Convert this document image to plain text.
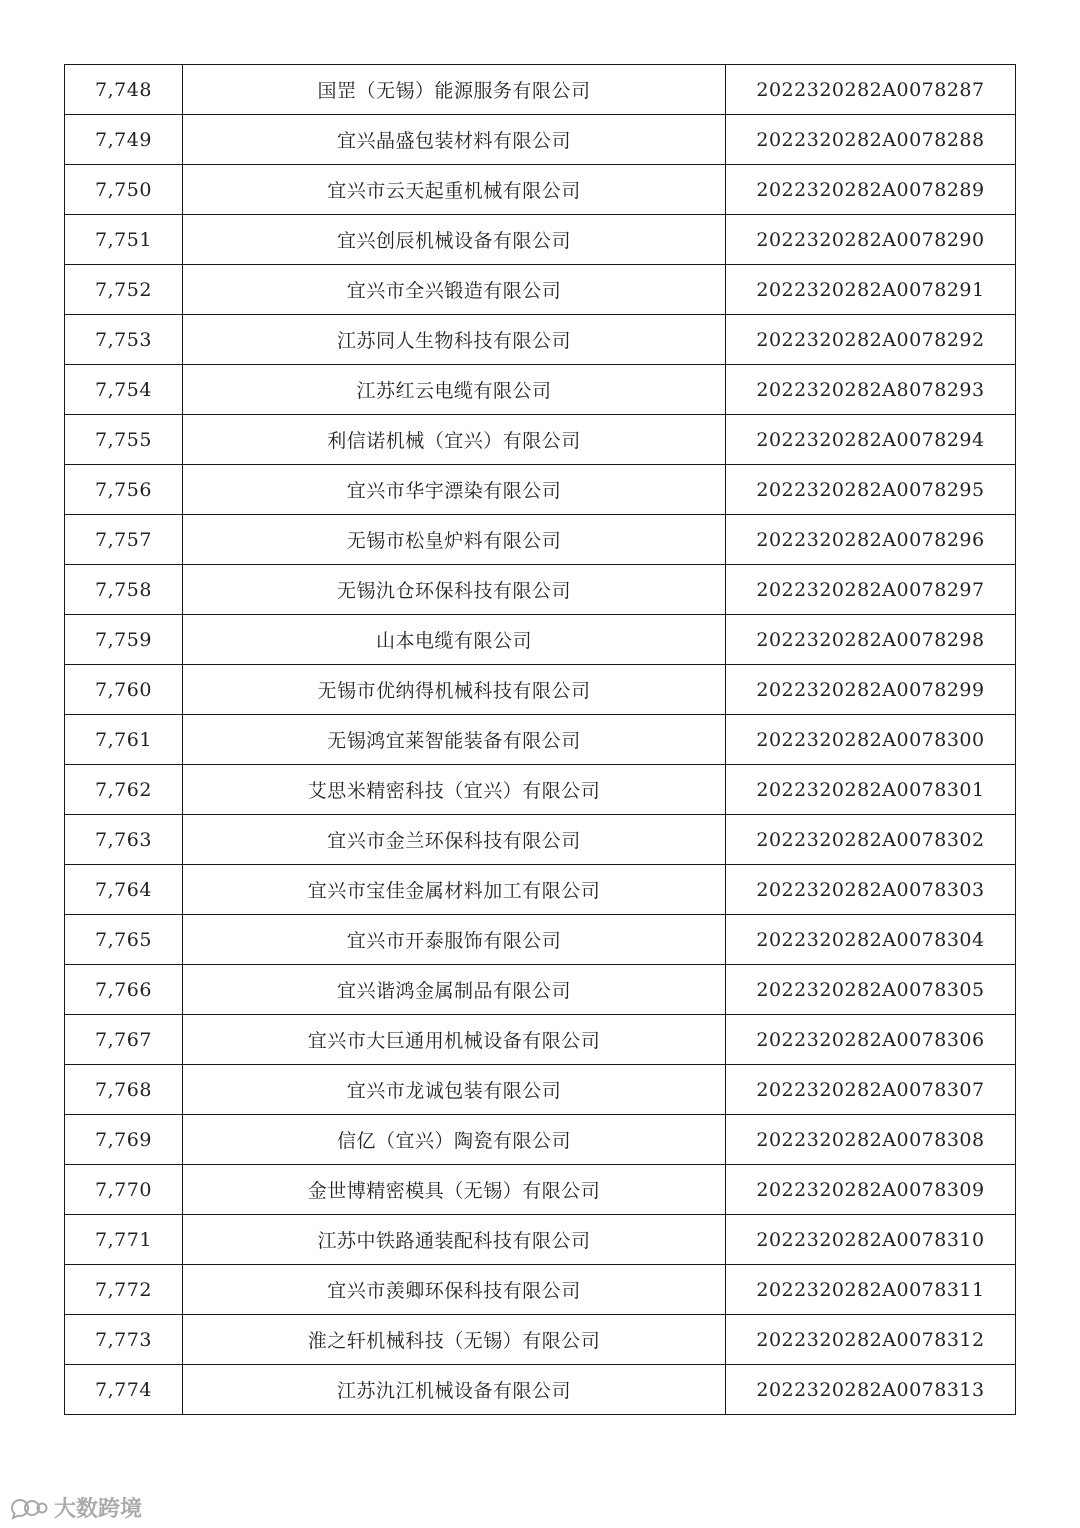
7,748	国罡（无锡）能源服务有限公司	2022320282A0078287
7,749	宜兴晶盛包装材料有限公司	2022320282A0078288
7,750	宜兴市云天起重机械有限公司	2022320282A0078289
7,751	宜兴创辰机械设备有限公司	2022320282A0078290
7,752	宜兴市全兴锻造有限公司	2022320282A0078291
7,753	江苏同人生物科技有限公司	2022320282A0078292
7,754	江苏红云电缆有限公司	2022320282A8078293
7,755	利信诺机械（宜兴）有限公司	2022320282A0078294
7,756	宜兴市华宇漂染有限公司	2022320282A0078295
7,757	无锡市松皇炉料有限公司	2022320282A0078296
7,758	无锡氿仓环保科技有限公司	2022320282A0078297
7,759	山本电缆有限公司	2022320282A0078298
7,760	无锡市优纳得机械科技有限公司	2022320282A0078299
7,761	无锡鸿宜莱智能装备有限公司	2022320282A0078300
7,762	艾思米精密科技（宜兴）有限公司	2022320282A0078301
7,763	宜兴市金兰环保科技有限公司	2022320282A0078302
7,764	宜兴市宝佳金属材料加工有限公司	2022320282A0078303
7,765	宜兴市开泰服饰有限公司	2022320282A0078304
7,766	宜兴谐鸿金属制品有限公司	2022320282A0078305
7,767	宜兴市大巨通用机械设备有限公司	2022320282A0078306
7,768	宜兴市龙诚包装有限公司	2022320282A0078307
7,769	信亿（宜兴）陶瓷有限公司	2022320282A0078308
7,770	金世博精密模具（无锡）有限公司	2022320282A0078309
7,771	江苏中铁路通装配科技有限公司	2022320282A0078310
7,772	宜兴市羡卿环保科技有限公司	2022320282A0078311
7,773	淮之轩机械科技（无锡）有限公司	2022320282A0078312
7,774	江苏氿江机械设备有限公司	2022320282A0078313
大数跨境
